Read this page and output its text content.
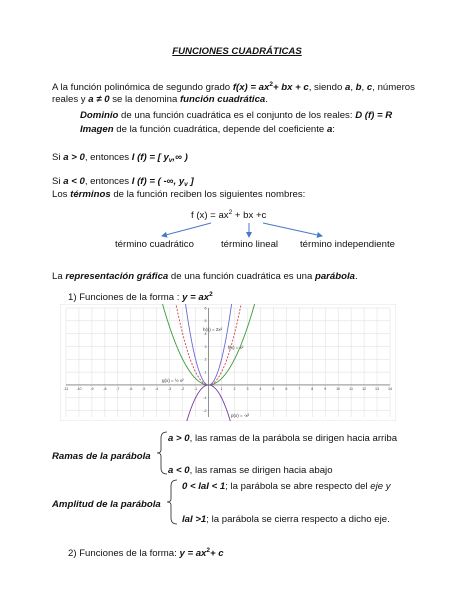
FUNCIONES CUADRÁTICAS
A la función polinómica de segundo grado $f(x) = ax^2+$ bx + c, siendo a, b, c, números
reales y a ≠ 0 se la denomina función cuadrática.
Dominio de una función cuadrática es el conjunto de los reales: D (f) = R
Imagen de la función cuadrática, depende del coeficiente a:
Si a > 0, entonces I (f) = [ $y_v,\infty$ )
Si a < 0, entonces I (f) = ( -∞, $y_v$ ]
Los términos de la función reciben los siguientes nombres:
f $(x) = ax^2$ + bx +c
término cuadrático	término lineal término independiente
La representación gráfica de una función cuadrática es una parábola.
1) Funciones de la forma : $y = ax^2$
-11 -10 -9	-8	-7	-6	-5	-4	-3	-2	-1	1	2	3	4	5	6	7	8	9	10	11	12 13 14
-2
-1
1
2
3
4
5
6
h(x) = 2x²
f(x) = x²
g(x) = ½ x²
p(x) = -x²
Ramas de la parábola
a > 0, las ramas de la parábola se dirigen hacia arriba
a < 0, las ramas se dirigen hacia abajo
Amplitud de la parábola
0 < laI < 1; la parábola se abre respecto del eje y
laI >1; la parábola se cierra respecto a dicho eje.
2) Funciones de la forma: $y = ax^2+ c$
